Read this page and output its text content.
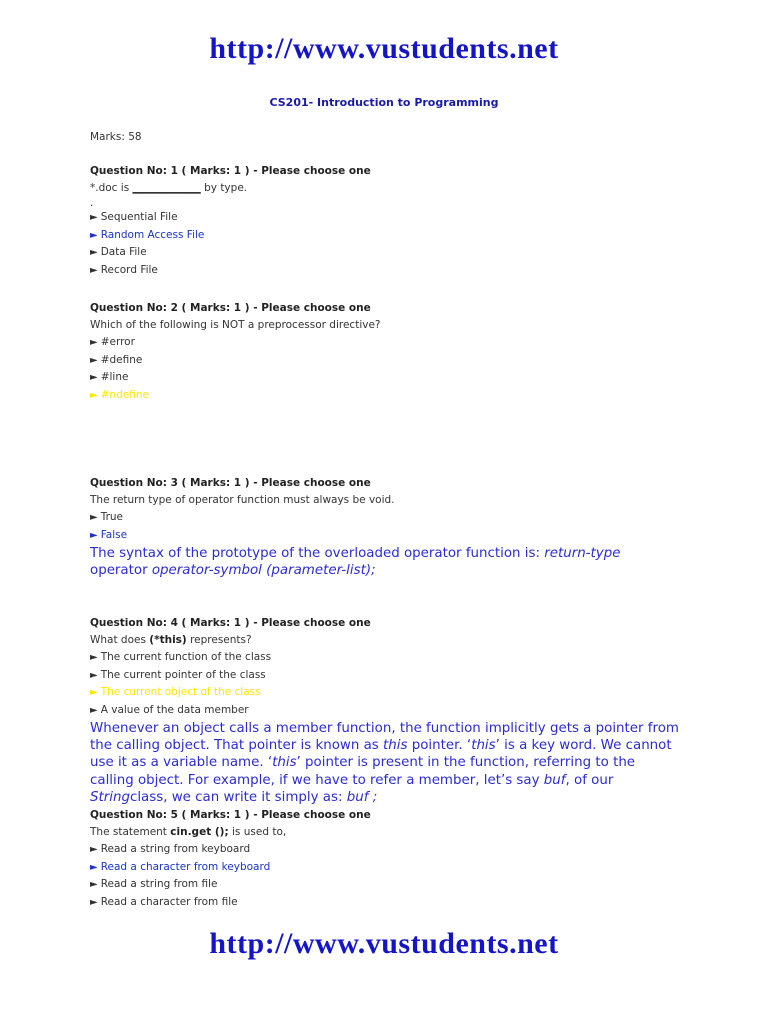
http://www.vustudents.net
CS201- Introduction to Programming
Marks: 58
Question No: 1 ( Marks: 1 ) - Please choose one
*.doc is _____________ by type.
.
► Sequential File
► Random Access File
► Data File
► Record File
Question No: 2 ( Marks: 1 ) - Please choose one
Which of the following is NOT a preprocessor directive?
► #error
► #define
► #line
► #ndefine
Question No: 3 ( Marks: 1 ) - Please choose one
The return type of operator function must always be void.
► True
► False
The syntax of the prototype of the overloaded operator function is: return-type operator operator-symbol (parameter-list);
Question No: 4 ( Marks: 1 ) - Please choose one
What does (*this) represents?
► The current function of the class
► The current pointer of the class
► The current object of the class
► A value of the data member
Whenever an object calls a member function, the function implicitly gets a pointer from the calling object. That pointer is known as this pointer. ‘this’ is a key word. We cannot use it as a variable name. ‘this’ pointer is present in the function, referring to the calling object. For example, if we have to refer a member, let’s say buf, of our Stringclass, we can write it simply as: buf ;
Question No: 5 ( Marks: 1 ) - Please choose one
The statement cin.get (); is used to,
► Read a string from keyboard
► Read a character from keyboard
► Read a string from file
► Read a character from file
http://www.vustudents.net
